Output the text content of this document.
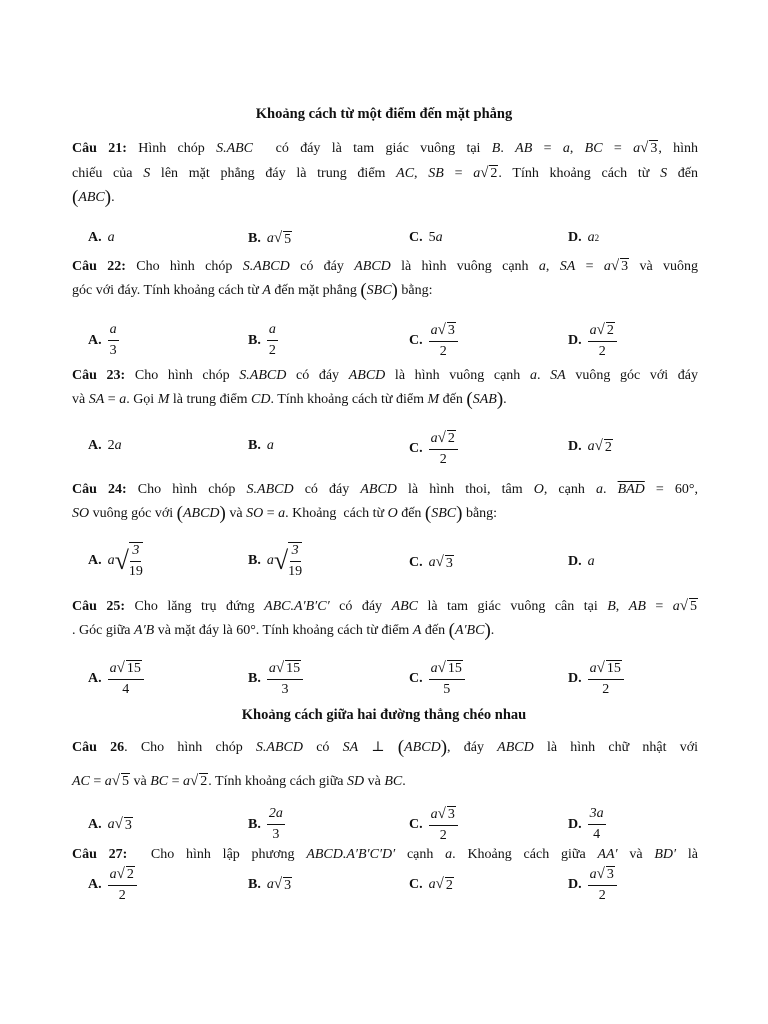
Khoảng cách từ một điểm đến mặt phẳng
Câu 21: Hình chóp S.ABC  có đáy là tam giác vuông tại B. AB = a, BC = a√ 3, hình
chiếu của S lên mặt phẳng đáy là trung điểm AC, SB = a√ 2. Tính khoảng cách từ S đến
(ABC).
A. a	B. a √ 5	C. 5 a	D. a 2
Câu 22: Cho hình chóp S.ABCD có đáy ABCD là hình vuông cạnh a, SA = a√ 3 và vuông
góc với đáy. Tính khoảng cách từ A đến mặt phẳng (SBC) bằng:
A. $\frac{a}{3}$	B. $\frac{a}{2}$	C. $\frac{a√ 3}{2}$	D. $\frac{a√ 2}{2}$
Câu 23: Cho hình chóp S.ABCD có đáy ABCD là hình vuông cạnh a. SA vuông góc với đáy
và SA = a. Gọi M là trung điểm CD. Tính khoảng cách từ điểm M đến (SAB).
A. 2 a	B. a	C. $\frac{a√ 2}{2}$	D. a √ 2
Câu 24: Cho hình chóp S.ABCD có đáy ABCD là hình thoi, tâm O, cạnh a. $\overline{BAD} = 60^\circ$,
SO vuông góc với (ABCD) và SO = a. Khoảng  cách từ O đến (SBC) bằng:
A. a √ $\frac{3}{19}$	B. a √ $\frac{3}{19}$	C. a √ 3	D. a
Câu 25: Cho lăng trụ đứng ABC.A′B′C′ có đáy ABC là tam giác vuông cân tại B, AB = a√ 5
. Góc giữa A′B và mặt đáy là 60°. Tính khoảng cách từ điểm A đến (A′BC).
A. $\frac{a√ 15}{4}$	B. $\frac{a√ 15}{3}$	C. $\frac{a√ 15}{5}$	D. $\frac{a√ 15}{2}$
Khoảng cách giữa hai đường thẳng chéo nhau
Câu 26. Cho hình chóp S.ABCD có SA ⊥ (ABCD), đáy ABCD là hình chữ nhật với
AC = a√ 5 và BC = a√ 2. Tính khoảng cách giữa SD và BC.
A. a √ 3	B. $\frac{2a}{3}$	C. $\frac{a√ 3}{2}$	D. $\frac{3a}{4}$
Câu 27:  Cho hình lập phương ABCD.A′B′C′D′ cạnh a. Khoảng cách giữa AA′ và BD′ là
A. $\frac{a√ 2}{2}$	B. a √ 3	C. a √ 2	D. $\frac{a√ 3}{2}$
